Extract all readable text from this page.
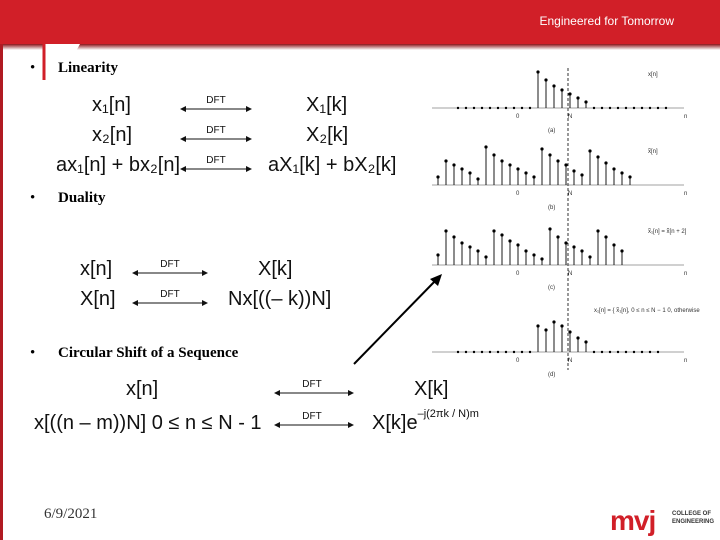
Engineered for Tomorrow
• Linearity
x₁[n]	DFT	X₁[k]
x₂[n]	DFT	X₂[k]
ax₁[n] + bx₂[n]	DFT	aX₁[k] + bX₂[k]
• Duality
x[n]	DFT	X[k]
X[n]	DFT	Nx[((– k))N]
• Circular Shift of a Sequence
x[n]	DFT	X[k]
x[((n – m))N] 0 ≤ n ≤ N - 1	DFT	$X[k]e^{-j(2\pi k / N)m}$
0	N	n
(a)
x[n]
0	N	n
(b)
x̃[n]
0	N	n
(c)
x̃₁[n] = x̃[n + 2]
0	N	n
(d)
x₁[n] = { x̃₁[n], 0 ≤ n ≤ N − 1 0, otherwise
6/9/2021	mvj	COLLEGE OF
ENGINEERING
